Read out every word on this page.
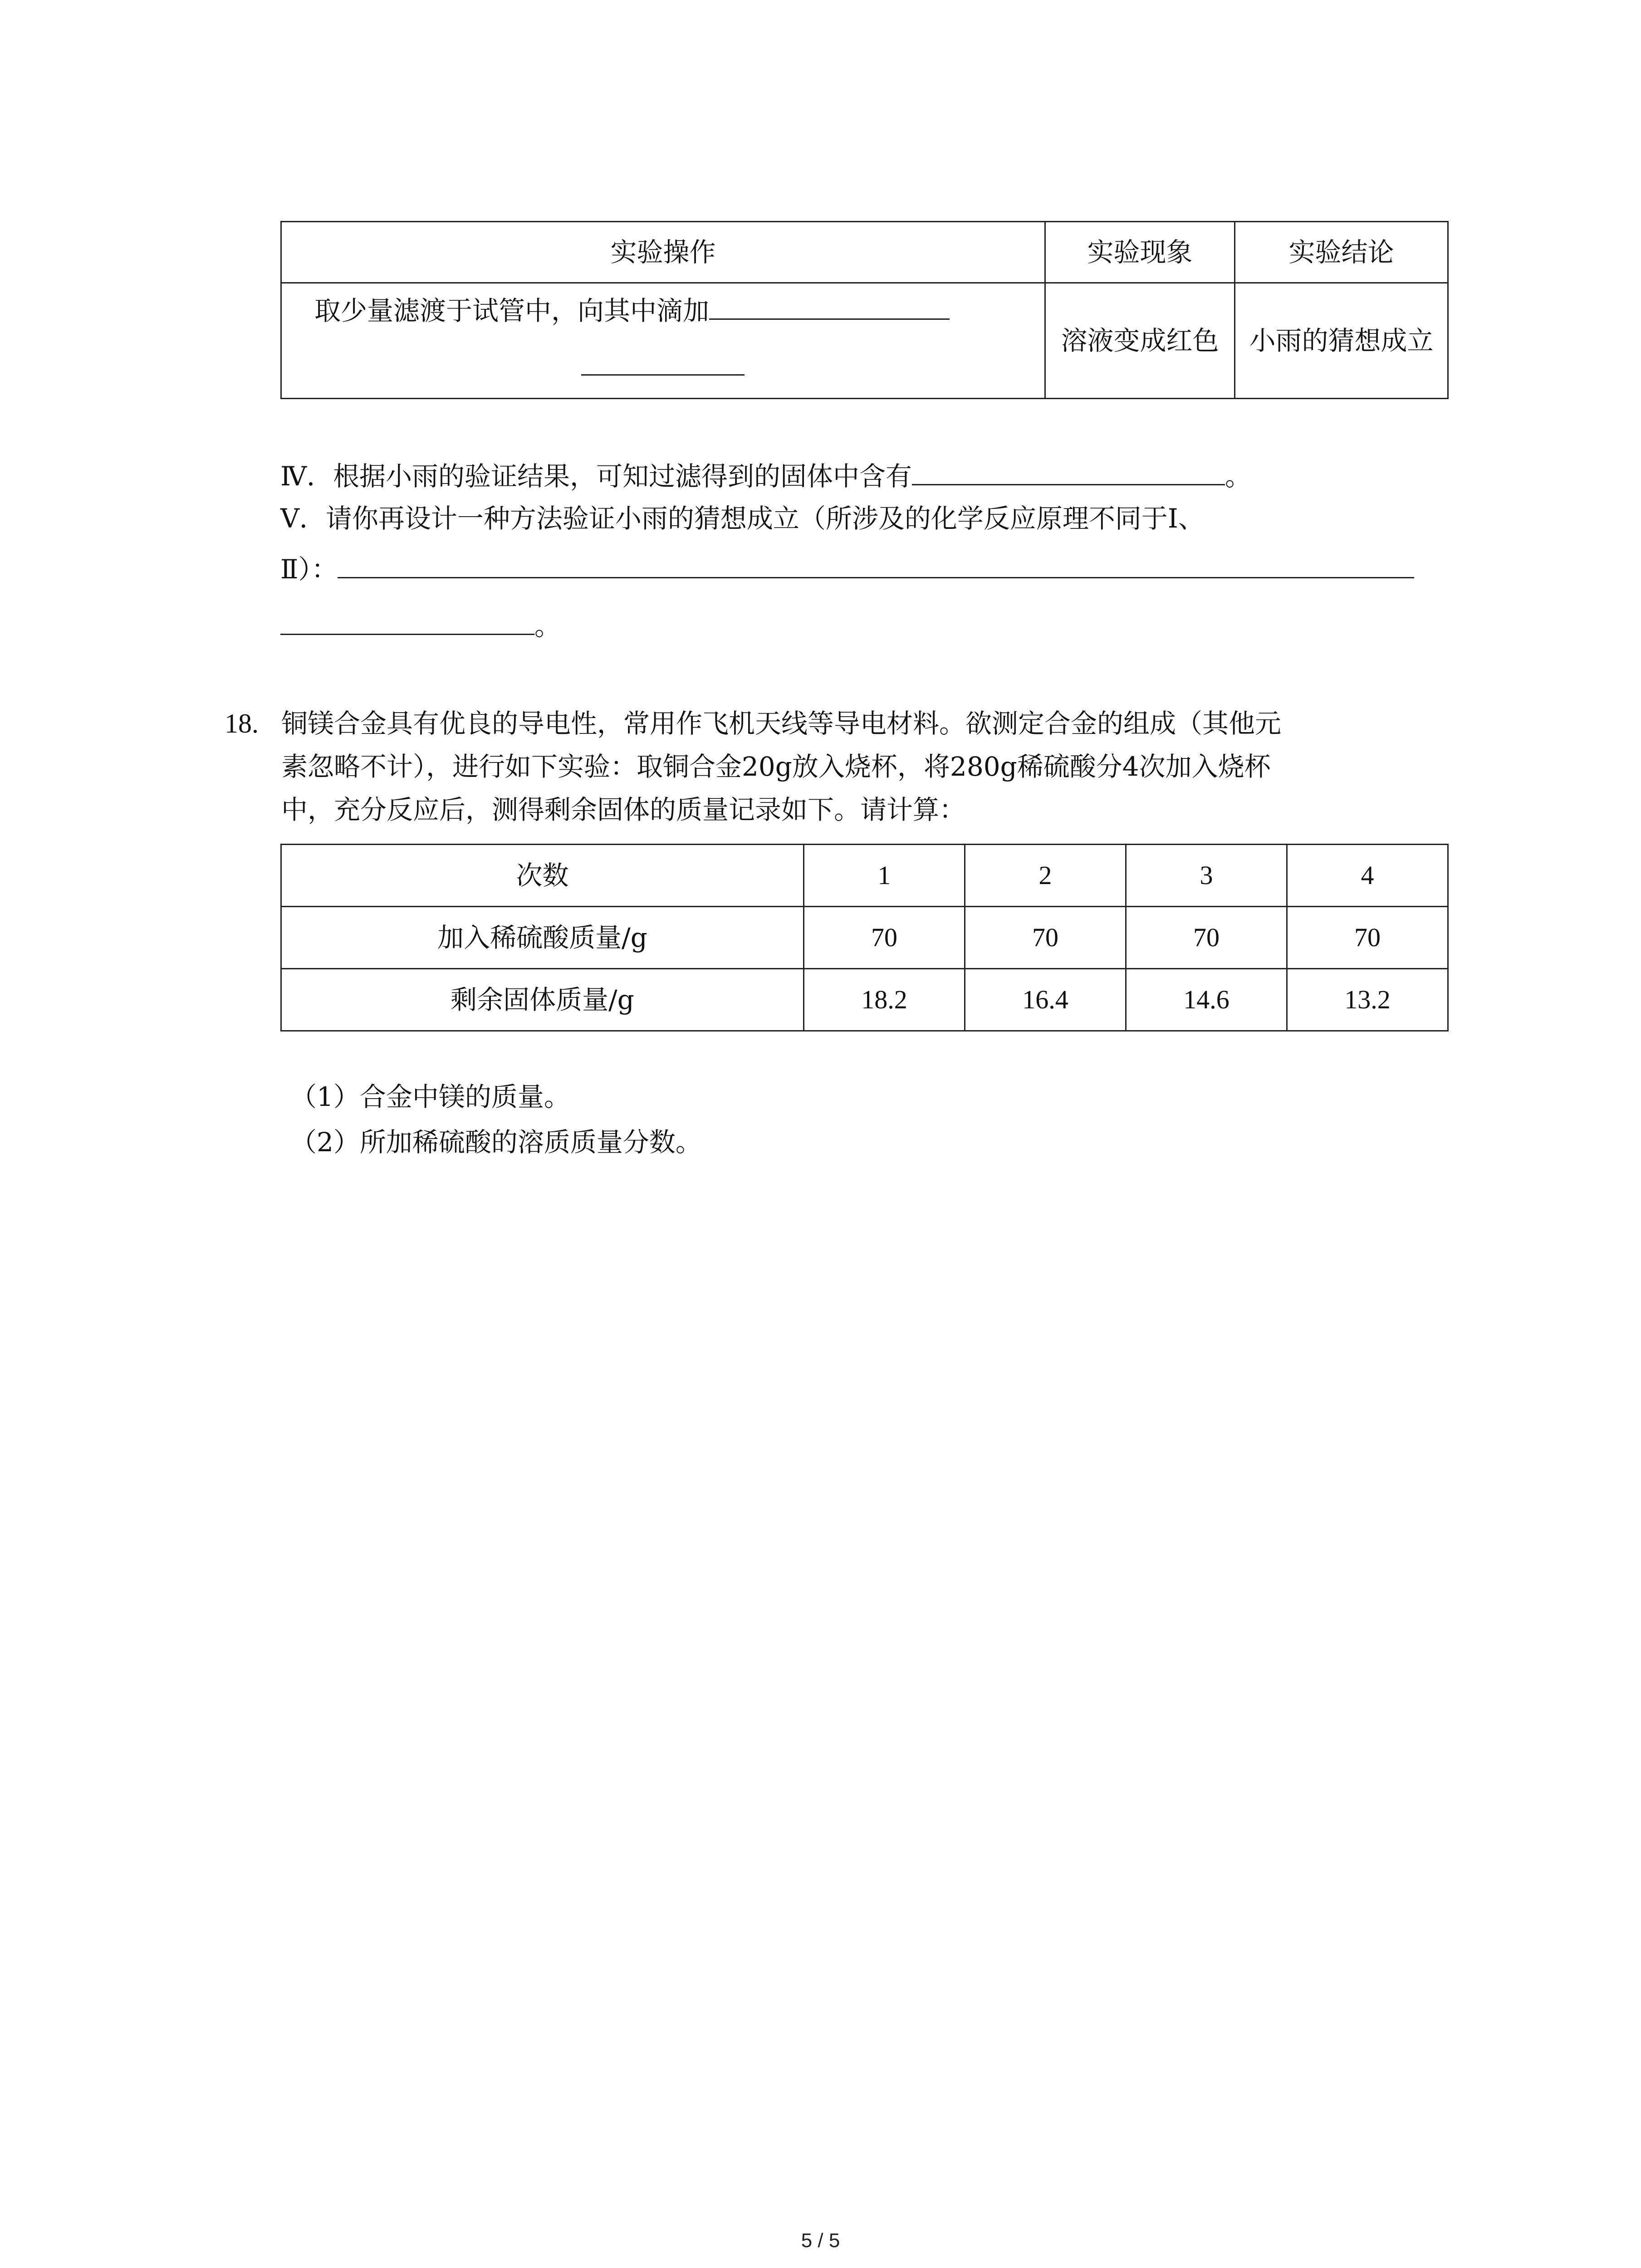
实验操作	实验现象	实验结论

取少量滤渡于试管中，向其中滴加	溶液变成红色	小雨的猜想成立
Ⅳ．根据小雨的验证结果，可知过滤得到的固体中含有	。
Ⅴ．请你再设计一种方法验证小雨的猜想成立（所涉及的化学反应原理不同于Ⅰ、
Ⅱ）：
。
18. 铜镁合金具有优良的导电性，常用作飞机天线等导电材料。欲测定合金的组成（其他元
素忽略不计），进行如下实验：取铜合金20g放入烧杯，将280g稀硫酸分4次加入烧杯
中，充分反应后，测得剩余固体的质量记录如下。请计算：
次数	1	2	3	4
加入稀硫酸质量/g	70	70	70	70
剩余固体质量/g	18.2	16.4	14.6	13.2
（1）合金中镁的质量。
（2）所加稀硫酸的溶质质量分数。
5 / 5
